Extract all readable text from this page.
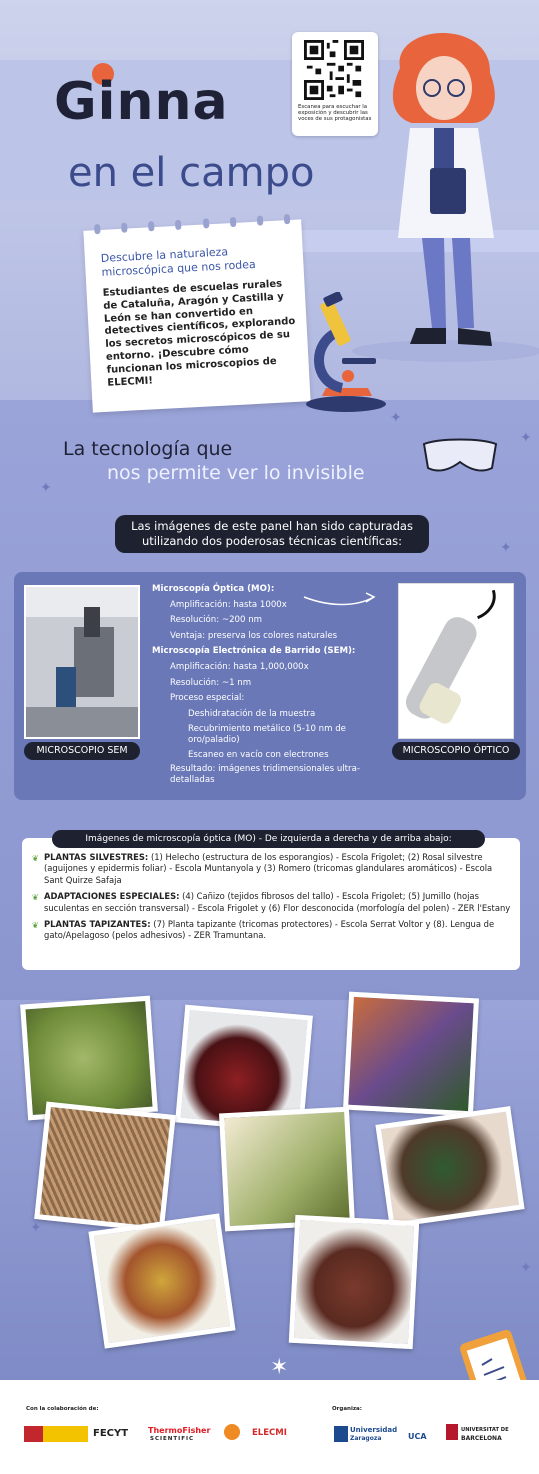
✦
✦
✦
✦
✦
✦
✶
Ginna
en el campo
Escanea para escuchar la exposición y descubrir las voces de sus protagonistas
Descubre la naturaleza microscópica que nos rodea
Estudiantes de escuelas rurales de Cataluña, Aragón y Castilla y León se han convertido en detectives científicos, explorando los secretos microscópicos de su entorno. ¡Descubre cómo funcionan los microscopios de ELECMI!
La tecnología que
nos permite ver lo invisible
Las imágenes de este panel han sido capturadas
utilizando dos poderosas técnicas científicas:
MICROSCOPIO SEM	MICROSCOPIO ÓPTICO
Microscopía Óptica (MO):
Amplificación: hasta 1000x
Resolución: ~200 nm
Ventaja: preserva los colores naturales
Microscopía Electrónica de Barrido (SEM):
Amplificación: hasta 1,000,000x
Resolución: ~1 nm
Proceso especial:
Deshidratación de la muestra
Recubrimiento metálico (5-10 nm de oro/paladio)
Escaneo en vacío con electrones
Resultado: imágenes tridimensionales ultra-detalladas
Imágenes de microscopía óptica (MO) - De izquierda a derecha y de arriba abajo:

❦ PLANTAS SILVESTRES: (1) Helecho (estructura de los esporangios) - Escola Frigolet; (2) Rosal silvestre (aguijones y epidermis foliar) - Escola Muntanyola y (3) Romero (tricomas glandulares aromáticos) - Escola Sant Quirze Safaja

❦ ADAPTACIONES ESPECIALES: (4) Cañizo (tejidos fibrosos del tallo) - Escola Frigolet; (5) Jumillo (hojas suculentas en sección transversal) - Escola Frigolet y (6) Flor desconocida (morfología del polen) - ZER l'Estany

❦ PLANTAS TAPIZANTES: (7) Planta tapizante (tricomas protectores) - Escola Serrat Voltor y (8). Lengua de gato/Apelagoso (pelos adhesivos) - ZER Tramuntana.

Con la colaboración de:	Organiza:
FECYT ThermoFisher
SCIENTIFIC
ELECMI	Universidad
Zaragoza	UCA
UNIVERSITAT DE
BARCELONA
